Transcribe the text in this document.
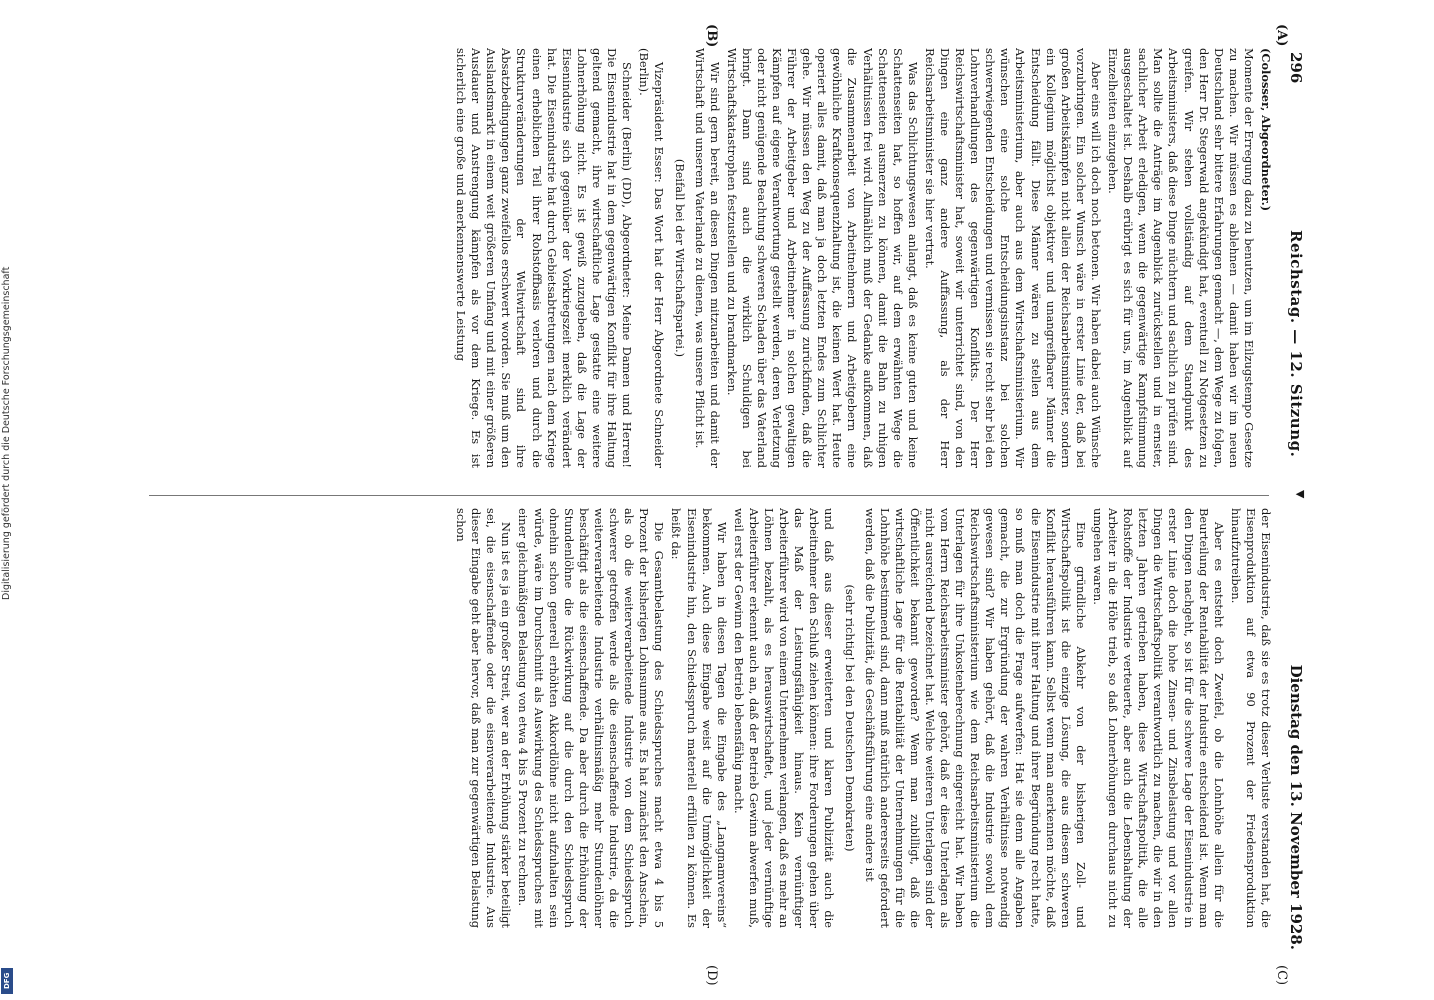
296
Reichstag. — 12. Sitzung.
▼
Dienstag den 13. November 1928.
(A)
(B)
(C)
(D)

(Colosser, Abgeordneter.)

Momente der Erregung dazu zu benutzen, um im Eilzugstempo Gesetze zu machen. Wir müssen es ablehnen — damit haben wir im neuen Deutschland sehr bittere Erfahrungen gemacht —, dem Wege zu folgen, den Herr Dr. Stegerwald angekündigt hat, eventuell zu Notgesetzen zu greifen. Wir stehen vollständig auf dem Standpunkt des Arbeitsministers, daß diese Dinge nüchtern und sachlich zu prüfen sind. Man sollte die Anträge im Augenblick zurückstellen und in ernster, sachlicher Arbeit erledigen, wenn die gegenwärtige Kampfstimmung ausgeschaltet ist. Deshalb erübrigt es sich für uns, im Augenblick auf Einzelheiten einzugehen.

Aber eins will ich doch noch betonen. Wir haben dabei auch Wünsche vorzubringen. Ein solcher Wunsch wäre in erster Linie der, daß bei großen Arbeitskämpfen nicht allein der Reichsarbeitsminister, sondern ein Kollegium möglichst objektiver und unangreifbarer Männer die Entscheidung fällt. Diese Männer wären zu stellen aus dem Arbeitsministerium, aber auch aus dem Wirtschaftsministerium. Wir wünschen eine solche Entscheidungsinstanz bei solchen schwerwiegenden Entscheidungen und vermissen sie recht sehr bei den Lohnverhandlungen des gegenwärtigen Konflikts. Der Herr Reichswirtschaftsminister hat, soweit wir unterrichtet sind, von den Dingen eine ganz andere Auffassung, als der Herr Reichsarbeitsminister sie hier vertrat.

Was das Schlichtungswesen anlangt, daß es keine guten und keine Schattenseiten hat, so hoffen wir, auf dem erwähnten Wege die Schattenseiten ausmerzen zu können, damit die Bahn zu ruhigen Verhältnissen frei wird. Allmählich muß der Gedanke aufkommen, daß die Zusammenarbeit von Arbeitnehmern und Arbeitgebern eine gewöhnliche Kraftkonsequenzhaltung ist, die keinen Wert hat. Heute operiert alles damit, daß man ja doch letzten Endes zum Schlichter gehe. Wir müssen den Weg zu der Auffassung zurückfinden, daß die Führer der Arbeitgeber und Arbeitnehmer in solchen gewaltigen Kämpfen auf eigene Verantwortung gestellt werden, deren Verletzung oder nicht genügende Beachtung schweren Schaden über das Vaterland bringt. Dann sind auch die wirklich Schuldigen bei Wirtschaftskatastrophen festzustellen und zu brandmarken.

Wir sind gern bereit, an diesen Dingen mitzuarbeiten und damit der Wirtschaft und unserem Vaterlande zu dienen, was unsere Pflicht ist.

(Beifall bei der Wirtschaftspartei.)

Vizepräsident Esser: Das Wort hat der Herr Abgeordnete Schneider (Berlin).

Schneider (Berlin) (DD), Abgeordneter: Meine Damen und Herren! Die Eisenindustrie hat in dem gegenwärtigen Konflikt für ihre Haltung geltend gemacht, ihre wirtschaftliche Lage gestatte eine weitere Lohnerhöhung nicht. Es ist gewiß zuzugeben, daß die Lage der Eisenindustrie sich gegenüber der Vorkriegszeit merklich verändert hat. Die Eisenindustrie hat durch Gebietsabtretungen nach dem Kriege einen erheblichen Teil ihrer Rohstoffbasis verloren und durch die Strukturveränderungen der Weltwirtschaft sind ihre Absatzbedingungen ganz zweifellos erschwert worden. Sie muß um den Auslandsmarkt in einem weit größeren Umfang und mit einer größeren Ausdauer und Anstrengung kämpfen als vor dem Kriege. Es ist sicherlich eine große und anerkennenswerte Leistung

der Eisenindustrie, daß sie es trotz dieser Verluste verstanden hat, die Eisenproduktion auf etwa 90 Prozent der Friedensproduktion hinaufzutreiben.

Aber es entsteht doch Zweifel, ob die Lohnhöhe allein für die Beurteilung der Rentabilität der Industrie entscheidend ist. Wenn man den Dingen nachgeht, so ist für die schwere Lage der Eisenindustrie in erster Linie doch die hohe Zinsen- und Zinsbelastung und vor allen Dingen die Wirtschaftspolitik verantwortlich zu machen, die wir in den letzten Jahren getrieben haben, diese Wirtschaftspolitik, die alle Rohstoffe der Industrie verteuerte, aber auch die Lebenshaltung der Arbeiter in die Höhe trieb, so daß Lohnerhöhungen durchaus nicht zu umgehen waren.

Eine gründliche Abkehr von der bisherigen Zoll- und Wirtschaftspolitik ist die einzige Lösung, die aus diesem schweren Konflikt herausführen kann. Selbst wenn man anerkennen möchte, daß die Eisenindustrie mit ihrer Haltung und ihrer Begründung recht hatte, so muß man doch die Frage aufwerfen: Hat sie denn alle Angaben gemacht, die zur Ergründung der wahren Verhältnisse notwendig gewesen sind? Wir haben gehört, daß die Industrie sowohl dem Reichswirtschaftsministerium wie dem Reichsarbeitsministerium die Unterlagen für ihre Unkostenberechnung eingereicht hat. Wir haben vom Herrn Reichsarbeitsminister gehört, daß er diese Unterlagen als nicht ausreichend bezeichnet hat. Welche weiteren Unterlagen sind der Öffentlichkeit bekannt geworden? Wenn man zubilligt, daß die wirtschaftliche Lage für die Rentabilität der Unternehmungen für die Lohnhöhe bestimmend sind, dann muß natürlich andererseits gefordert werden, daß die Publizität, die Geschäftsführung eine andere ist

(sehr richtig! bei den Deutschen Demokraten)

und daß aus dieser erweiterten und klaren Publizität auch die Arbeitnehmer den Schluß ziehen können: ihre Forderungen gehen über das Maß der Leistungsfähigkeit hinaus. Kein vernünftiger Arbeiterführer wird von einem Unternehmen verlangen, daß es mehr an Löhnen bezahlt, als es herauswirtschaftet, und jeder vernünftige Arbeiterführer erkennt auch an, daß der Betrieb Gewinn abwerfen muß, weil erst der Gewinn den Betrieb lebensfähig macht.

Wir haben in diesen Tagen die Eingabe des „Langnamvereins“ bekommen. Auch diese Eingabe weist auf die Unmöglichkeit der Eisenindustrie hin, den Schiedsspruch materiell erfüllen zu können. Es heißt da:

Die Gesamtbelastung des Schiedsspruches macht etwa 4 bis 5 Prozent der bisherigen Lohnsumme aus. Es hat zunächst den Anschein, als ob die weiterverarbeitende Industrie von dem Schiedsspruch schwerer getroffen werde als die eisenschaffende Industrie, da die weiterverarbeitende Industrie verhältnismäßig mehr Stundenlöhner beschäftigt als die eisenschaffende. Da aber durch die Erhöhung der Stundenlöhne die Rückwirkung auf die durch den Schiedsspruch ohnehin schon generell erhöhten Akkordlöhne nicht aufzuhalten sein würde, wäre im Durchschnitt als Auswirkung des Schiedsspruches mit einer gleichmäßigen Belastung von etwa 4 bis 5 Prozent zu rechnen.

Nun ist es ja ein großer Streit, wer an der Erhöhung stärker beteiligt sei, die eisenschaffende oder die eisenverarbeitende Industrie. Aus dieser Eingabe geht aber hervor, daß man zur gegenwärtigen Belastung schon

Digitalisierung gefördert durch die Deutsche Forschungsgemeinschaft
DFG
